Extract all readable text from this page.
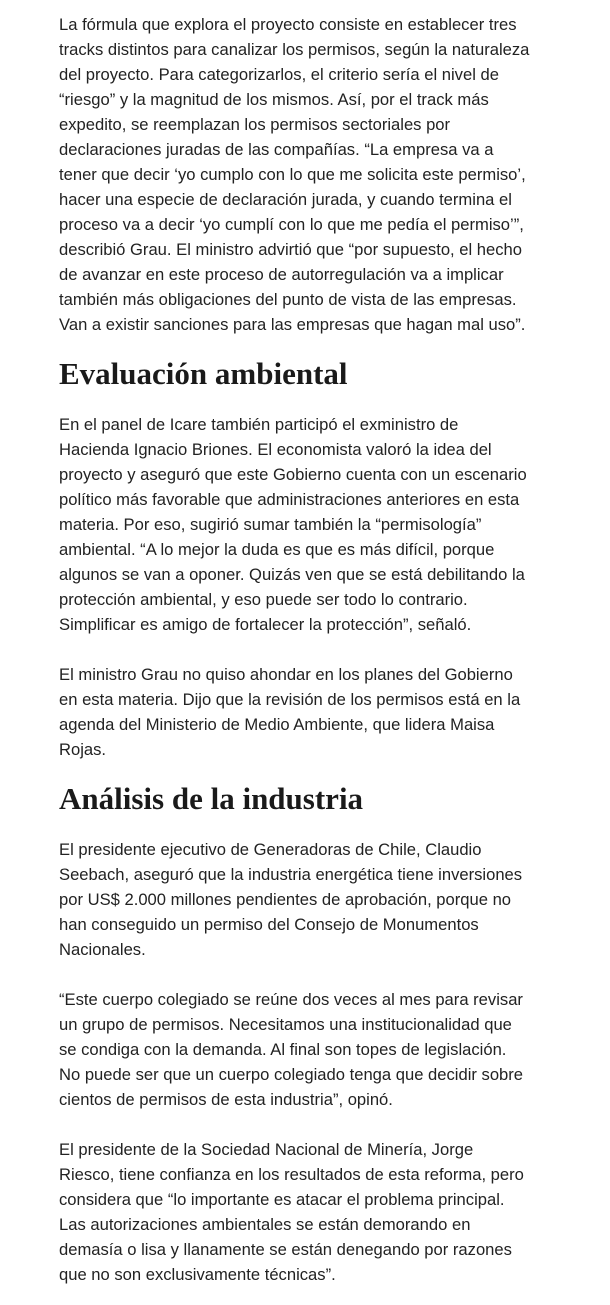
La fórmula que explora el proyecto consiste en establecer tres
tracks distintos para canalizar los permisos, según la naturaleza
del proyecto. Para categorizarlos, el criterio sería el nivel de
“riesgo” y la magnitud de los mismos. Así, por el track más
expedito, se reemplazan los permisos sectoriales por
declaraciones juradas de las compañías. “La empresa va a
tener que decir ‘yo cumplo con lo que me solicita este permiso’,
hacer una especie de declaración jurada, y cuando termina el
proceso va a decir ‘yo cumplí con lo que me pedía el permiso’”,
describió Grau. El ministro advirtió que “por supuesto, el hecho
de avanzar en este proceso de autorregulación va a implicar
también más obligaciones del punto de vista de las empresas.
Van a existir sanciones para las empresas que hagan mal uso”.

Evaluación ambiental

En el panel de Icare también participó el exministro de
Hacienda Ignacio Briones. El economista valoró la idea del
proyecto y aseguró que este Gobierno cuenta con un escenario
político más favorable que administraciones anteriores en esta
materia. Por eso, sugirió sumar también la “permisología”
ambiental. “A lo mejor la duda es que es más difícil, porque
algunos se van a oponer. Quizás ven que se está debilitando la
protección ambiental, y eso puede ser todo lo contrario.
Simplificar es amigo de fortalecer la protección”, señaló.

El ministro Grau no quiso ahondar en los planes del Gobierno
en esta materia. Dijo que la revisión de los permisos está en la
agenda del Ministerio de Medio Ambiente, que lidera Maisa
Rojas.

Análisis de la industria

El presidente ejecutivo de Generadoras de Chile, Claudio
Seebach, aseguró que la industria energética tiene inversiones
por US$ 2.000 millones pendientes de aprobación, porque no
han conseguido un permiso del Consejo de Monumentos
Nacionales.

“Este cuerpo colegiado se reúne dos veces al mes para revisar
un grupo de permisos. Necesitamos una institucionalidad que
se condiga con la demanda. Al final son topes de legislación.
No puede ser que un cuerpo colegiado tenga que decidir sobre
cientos de permisos de esta industria”, opinó.

El presidente de la Sociedad Nacional de Minería, Jorge
Riesco, tiene confianza en los resultados de esta reforma, pero
considera que “lo importante es atacar el problema principal.
Las autorizaciones ambientales se están demorando en
demasía o lisa y llanamente se están denegando por razones
que no son exclusivamente técnicas”.
